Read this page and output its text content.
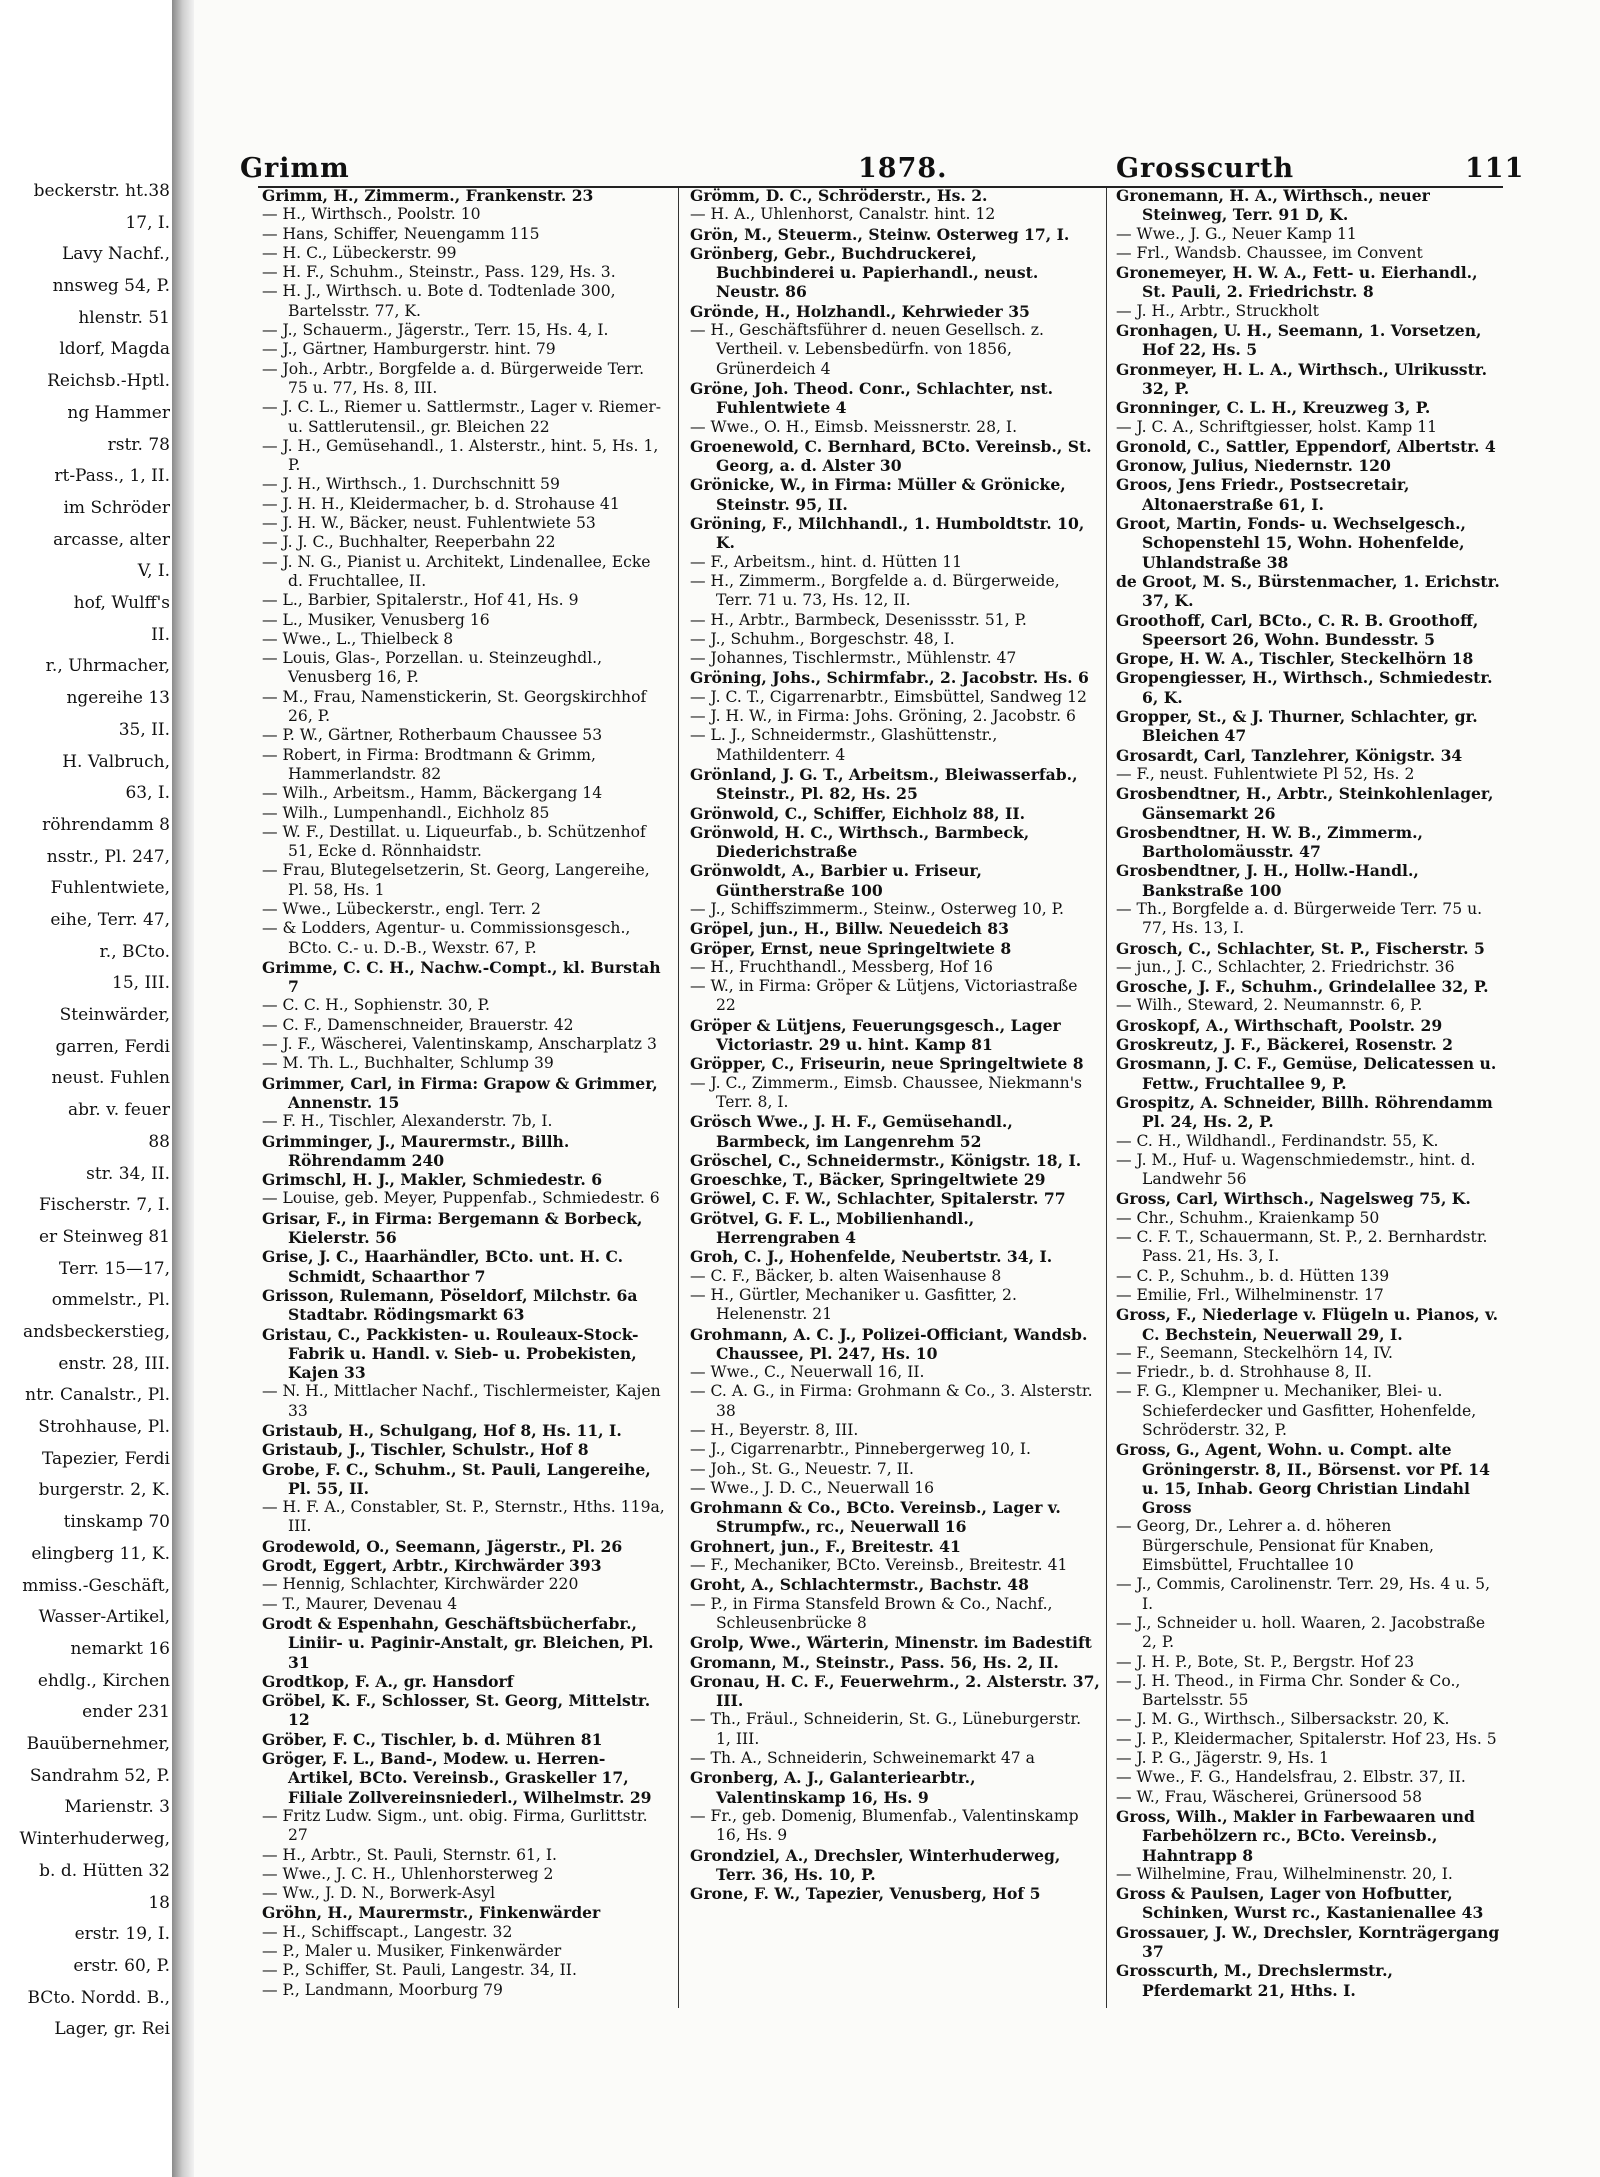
beckerstr. ht.38
17, I.
Lavy Nachf.,
nnsweg 54, P.
hlenstr. 51
ldorf, Magda
Reichsb.-Hptl.
ng Hammer
rstr. 78
rt-Pass., 1, II.
im Schröder
arcasse, alter
V, I.
hof, Wulff's
II.
r., Uhrmacher,
ngereihe 13
35, II.
H. Valbruch,
63, I.
röhrendamm 8
nsstr., Pl. 247,
Fuhlentwiete,
eihe, Terr. 47,
r., BCto.
15, III.
Steinwärder,
garren, Ferdi
neust. Fuhlen
abr. v. feuer
88
str. 34, II.
Fischerstr. 7, I.
er Steinweg 81
Terr. 15—17,
ommelstr., Pl.
andsbeckerstieg,
enstr. 28, III.
ntr. Canalstr., Pl.
Strohhause, Pl.
Tapezier, Ferdi
burgerstr. 2, K.
tinskamp 70
elingberg 11, K.
mmiss.-Geschäft,
Wasser-Artikel,
nemarkt 16
ehdlg., Kirchen
ender 231
Bauübernehmer,
Sandrahm 52, P.
Marienstr. 3
Winterhuderweg,
b. d. Hütten 32
18
erstr. 19, I.
erstr. 60, P.
BCto. Nordd. B.,
Lager, gr. Rei
Grimm	1878.	Grosscurth	111

Grimm, H., Zimmerm., Frankenstr. 23

— H., Wirthsch., Poolstr. 10

— Hans, Schiffer, Neuengamm 115

— H. C., Lübeckerstr. 99

— H. F., Schuhm., Steinstr., Pass. 129, Hs. 3.

— H. J., Wirthsch. u. Bote d. Todtenlade 300, Bartelsstr. 77, K.

— J., Schauerm., Jägerstr., Terr. 15, Hs. 4, I.

— J., Gärtner, Hamburgerstr. hint. 79

— Joh., Arbtr., Borgfelde a. d. Bürgerweide Terr. 75 u. 77, Hs. 8, III.

— J. C. L., Riemer u. Sattlermstr., Lager v. Riemer- u. Sattlerutensil., gr. Bleichen 22

— J. H., Gemüsehandl., 1. Alsterstr., hint. 5, Hs. 1, P.

— J. H., Wirthsch., 1. Durchschnitt 59

— J. H. H., Kleidermacher, b. d. Strohause 41

— J. H. W., Bäcker, neust. Fuhlentwiete 53

— J. J. C., Buchhalter, Reeperbahn 22

— J. N. G., Pianist u. Architekt, Lindenallee, Ecke d. Fruchtallee, II.

— L., Barbier, Spitalerstr., Hof 41, Hs. 9

— L., Musiker, Venusberg 16

— Wwe., L., Thielbeck 8

— Louis, Glas-, Porzellan. u. Steinzeughdl., Venusberg 16, P.

— M., Frau, Namenstickerin, St. Georgskirchhof 26, P.

— P. W., Gärtner, Rotherbaum Chaussee 53

— Robert, in Firma: Brodtmann & Grimm, Hammerlandstr. 82

— Wilh., Arbeitsm., Hamm, Bäckergang 14

— Wilh., Lumpenhandl., Eichholz 85

— W. F., Destillat. u. Liqueurfab., b. Schützenhof 51, Ecke d. Rönnhaidstr.

— Frau, Blutegelsetzerin, St. Georg, Langereihe, Pl. 58, Hs. 1

— Wwe., Lübeckerstr., engl. Terr. 2

— & Lodders, Agentur- u. Commissionsgesch., BCto. C.- u. D.-B., Wexstr. 67, P.

Grimme, C. C. H., Nachw.-Compt., kl. Burstah 7

— C. C. H., Sophienstr. 30, P.

— C. F., Damenschneider, Brauerstr. 42

— J. F., Wäscherei, Valentinskamp, Anscharplatz 3

— M. Th. L., Buchhalter, Schlump 39

Grimmer, Carl, in Firma: Grapow & Grimmer, Annenstr. 15

— F. H., Tischler, Alexanderstr. 7b, I.

Grimminger, J., Maurermstr., Billh. Röhrendamm 240

Grimschl, H. J., Makler, Schmiedestr. 6

— Louise, geb. Meyer, Puppenfab., Schmiedestr. 6

Grisar, F., in Firma: Bergemann & Borbeck, Kielerstr. 56

Grise, J. C., Haarhändler, BCto. unt. H. C. Schmidt, Schaarthor 7

Grisson, Rulemann, Pöseldorf, Milchstr. 6a Stadtabr. Rödingsmarkt 63

Gristau, C., Packkisten- u. Rouleaux-Stock-Fabrik u. Handl. v. Sieb- u. Probekisten, Kajen 33

— N. H., Mittlacher Nachf., Tischlermeister, Kajen 33

Gristaub, H., Schulgang, Hof 8, Hs. 11, I.

Gristaub, J., Tischler, Schulstr., Hof 8

Grobe, F. C., Schuhm., St. Pauli, Langereihe, Pl. 55, II.

— H. F. A., Constabler, St. P., Sternstr., Hths. 119a, III.

Grodewold, O., Seemann, Jägerstr., Pl. 26

Grodt, Eggert, Arbtr., Kirchwärder 393

— Hennig, Schlachter, Kirchwärder 220

— T., Maurer, Devenau 4

Grodt & Espenhahn, Geschäftsbücherfabr., Liniir- u. Paginir-Anstalt, gr. Bleichen, Pl. 31

Grodtkop, F. A., gr. Hansdorf

Gröbel, K. F., Schlosser, St. Georg, Mittelstr. 12

Gröber, F. C., Tischler, b. d. Mühren 81

Gröger, F. L., Band-, Modew. u. Herren-Artikel, BCto. Vereinsb., Graskeller 17, Filiale Zollvereinsniederl., Wilhelmstr. 29

— Fritz Ludw. Sigm., unt. obig. Firma, Gurlittstr. 27

— H., Arbtr., St. Pauli, Sternstr. 61, I.

— Wwe., J. C. H., Uhlenhorsterweg 2

— Ww., J. D. N., Borwerk-Asyl

Gröhn, H., Maurermstr., Finkenwärder

— H., Schiffscapt., Langestr. 32

— P., Maler u. Musiker, Finkenwärder

— P., Schiffer, St. Pauli, Langestr. 34, II.

— P., Landmann, Moorburg 79

Grömm, D. C., Schröderstr., Hs. 2.

— H. A., Uhlenhorst, Canalstr. hint. 12

Grön, M., Steuerm., Steinw. Osterweg 17, I.

Grönberg, Gebr., Buchdruckerei, Buchbinderei u. Papierhandl., neust. Neustr. 86

Grönde, H., Holzhandl., Kehrwieder 35

— H., Geschäftsführer d. neuen Gesellsch. z. Vertheil. v. Lebensbedürfn. von 1856, Grünerdeich 4

Gröne, Joh. Theod. Conr., Schlachter, nst. Fuhlentwiete 4

— Wwe., O. H., Eimsb. Meissnerstr. 28, I.

Groenewold, C. Bernhard, BCto. Vereinsb., St. Georg, a. d. Alster 30

Grönicke, W., in Firma: Müller & Grönicke, Steinstr. 95, II.

Gröning, F., Milchhandl., 1. Humboldtstr. 10, K.

— F., Arbeitsm., hint. d. Hütten 11

— H., Zimmerm., Borgfelde a. d. Bürgerweide, Terr. 71 u. 73, Hs. 12, II.

— H., Arbtr., Barmbeck, Desenissstr. 51, P.

— J., Schuhm., Borgeschstr. 48, I.

— Johannes, Tischlermstr., Mühlenstr. 47

Gröning, Johs., Schirmfabr., 2. Jacobstr. Hs. 6

— J. C. T., Cigarrenarbtr., Eimsbüttel, Sandweg 12

— J. H. W., in Firma: Johs. Gröning, 2. Jacobstr. 6

— L. J., Schneidermstr., Glashüttenstr., Mathildenterr. 4

Grönland, J. G. T., Arbeitsm., Bleiwasserfab., Steinstr., Pl. 82, Hs. 25

Grönwold, C., Schiffer, Eichholz 88, II.

Grönwold, H. C., Wirthsch., Barmbeck, Diederichstraße

Grönwoldt, A., Barbier u. Friseur, Güntherstraße 100

— J., Schiffszimmerm., Steinw., Osterweg 10, P.

Gröpel, jun., H., Billw. Neuedeich 83

Gröper, Ernst, neue Springeltwiete 8

— H., Fruchthandl., Messberg, Hof 16

— W., in Firma: Gröper & Lütjens, Victoriastraße 22

Gröper & Lütjens, Feuerungsgesch., Lager Victoriastr. 29 u. hint. Kamp 81

Gröpper, C., Friseurin, neue Springeltwiete 8

— J. C., Zimmerm., Eimsb. Chaussee, Niekmann's Terr. 8, I.

Grösch Wwe., J. H. F., Gemüsehandl., Barmbeck, im Langenrehm 52

Gröschel, C., Schneidermstr., Königstr. 18, I.

Groeschke, T., Bäcker, Springeltwiete 29

Gröwel, C. F. W., Schlachter, Spitalerstr. 77

Grötvel, G. F. L., Mobilienhandl., Herrengraben 4

Groh, C. J., Hohenfelde, Neubertstr. 34, I.

— C. F., Bäcker, b. alten Waisenhause 8

— H., Gürtler, Mechaniker u. Gasfitter, 2. Helenenstr. 21

Grohmann, A. C. J., Polizei-Officiant, Wandsb. Chaussee, Pl. 247, Hs. 10

— Wwe., C., Neuerwall 16, II.

— C. A. G., in Firma: Grohmann & Co., 3. Alsterstr. 38

— H., Beyerstr. 8, III.

— J., Cigarrenarbtr., Pinnebergerweg 10, I.

— Joh., St. G., Neuestr. 7, II.

— Wwe., J. D. C., Neuerwall 16

Grohmann & Co., BCto. Vereinsb., Lager v. Strumpfw., rc., Neuerwall 16

Grohnert, jun., F., Breitestr. 41

— F., Mechaniker, BCto. Vereinsb., Breitestr. 41

Groht, A., Schlachtermstr., Bachstr. 48

— P., in Firma Stansfeld Brown & Co., Nachf., Schleusenbrücke 8

Grolp, Wwe., Wärterin, Minenstr. im Badestift

Gromann, M., Steinstr., Pass. 56, Hs. 2, II.

Gronau, H. C. F., Feuerwehrm., 2. Alsterstr. 37, III.

— Th., Fräul., Schneiderin, St. G., Lüneburgerstr. 1, III.

— Th. A., Schneiderin, Schweinemarkt 47 a

Gronberg, A. J., Galanteriearbtr., Valentinskamp 16, Hs. 9

— Fr., geb. Domenig, Blumenfab., Valentinskamp 16, Hs. 9

Grondziel, A., Drechsler, Winterhuderweg, Terr. 36, Hs. 10, P.

Grone, F. W., Tapezier, Venusberg, Hof 5

Gronemann, H. A., Wirthsch., neuer Steinweg, Terr. 91 D, K.

— Wwe., J. G., Neuer Kamp 11

— Frl., Wandsb. Chaussee, im Convent

Gronemeyer, H. W. A., Fett- u. Eierhandl., St. Pauli, 2. Friedrichstr. 8

— J. H., Arbtr., Struckholt

Gronhagen, U. H., Seemann, 1. Vorsetzen, Hof 22, Hs. 5

Gronmeyer, H. L. A., Wirthsch., Ulrikusstr. 32, P.

Gronninger, C. L. H., Kreuzweg 3, P.

— J. C. A., Schriftgiesser, holst. Kamp 11

Gronold, C., Sattler, Eppendorf, Albertstr. 4

Gronow, Julius, Niedernstr. 120

Groos, Jens Friedr., Postsecretair, Altonaerstraße 61, I.

Groot, Martin, Fonds- u. Wechselgesch., Schopenstehl 15, Wohn. Hohenfelde, Uhlandstraße 38

de Groot, M. S., Bürstenmacher, 1. Erichstr. 37, K.

Groothoff, Carl, BCto., C. R. B. Groothoff, Speersort 26, Wohn. Bundesstr. 5

Grope, H. W. A., Tischler, Steckelhörn 18

Gropengiesser, H., Wirthsch., Schmiedestr. 6, K.

Gropper, St., & J. Thurner, Schlachter, gr. Bleichen 47

Grosardt, Carl, Tanzlehrer, Königstr. 34

— F., neust. Fuhlentwiete Pl 52, Hs. 2

Grosbendtner, H., Arbtr., Steinkohlenlager, Gänsemarkt 26

Grosbendtner, H. W. B., Zimmerm., Bartholomäusstr. 47

Grosbendtner, J. H., Hollw.-Handl., Bankstraße 100

— Th., Borgfelde a. d. Bürgerweide Terr. 75 u. 77, Hs. 13, I.

Grosch, C., Schlachter, St. P., Fischerstr. 5

— jun., J. C., Schlachter, 2. Friedrichstr. 36

Grosche, J. F., Schuhm., Grindelallee 32, P.

— Wilh., Steward, 2. Neumannstr. 6, P.

Groskopf, A., Wirthschaft, Poolstr. 29

Groskreutz, J. F., Bäckerei, Rosenstr. 2

Grosmann, J. C. F., Gemüse, Delicatessen u. Fettw., Fruchtallee 9, P.

Grospitz, A. Schneider, Billh. Röhrendamm Pl. 24, Hs. 2, P.

— C. H., Wildhandl., Ferdinandstr. 55, K.

— J. M., Huf- u. Wagenschmiedemstr., hint. d. Landwehr 56

Gross, Carl, Wirthsch., Nagelsweg 75, K.

— Chr., Schuhm., Kraienkamp 50

— C. F. T., Schauermann, St. P., 2. Bernhardstr. Pass. 21, Hs. 3, I.

— C. P., Schuhm., b. d. Hütten 139

— Emilie, Frl., Wilhelminenstr. 17

Gross, F., Niederlage v. Flügeln u. Pianos, v. C. Bechstein, Neuerwall 29, I.

— F., Seemann, Steckelhörn 14, IV.

— Friedr., b. d. Strohhause 8, II.

— F. G., Klempner u. Mechaniker, Blei- u. Schieferdecker und Gasfitter, Hohenfelde, Schröderstr. 32, P.

Gross, G., Agent, Wohn. u. Compt. alte Gröningerstr. 8, II., Börsenst. vor Pf. 14 u. 15, Inhab. Georg Christian Lindahl Gross

— Georg, Dr., Lehrer a. d. höheren Bürgerschule, Pensionat für Knaben, Eimsbüttel, Fruchtallee 10

— J., Commis, Carolinenstr. Terr. 29, Hs. 4 u. 5, I.

— J., Schneider u. holl. Waaren, 2. Jacobstraße 2, P.

— J. H. P., Bote, St. P., Bergstr. Hof 23

— J. H. Theod., in Firma Chr. Sonder & Co., Bartelsstr. 55

— J. M. G., Wirthsch., Silbersackstr. 20, K.

— J. P., Kleidermacher, Spitalerstr. Hof 23, Hs. 5

— J. P. G., Jägerstr. 9, Hs. 1

— Wwe., F. G., Handelsfrau, 2. Elbstr. 37, II.

— W., Frau, Wäscherei, Grünersood 58

Gross, Wilh., Makler in Farbewaaren und Farbehölzern rc., BCto. Vereinsb., Hahntrapp 8

— Wilhelmine, Frau, Wilhelminenstr. 20, I.

Gross & Paulsen, Lager von Hofbutter, Schinken, Wurst rc., Kastanienallee 43

Grossauer, J. W., Drechsler, Kornträgergang 37

Grosscurth, M., Drechslermstr., Pferdemarkt 21, Hths. I.
